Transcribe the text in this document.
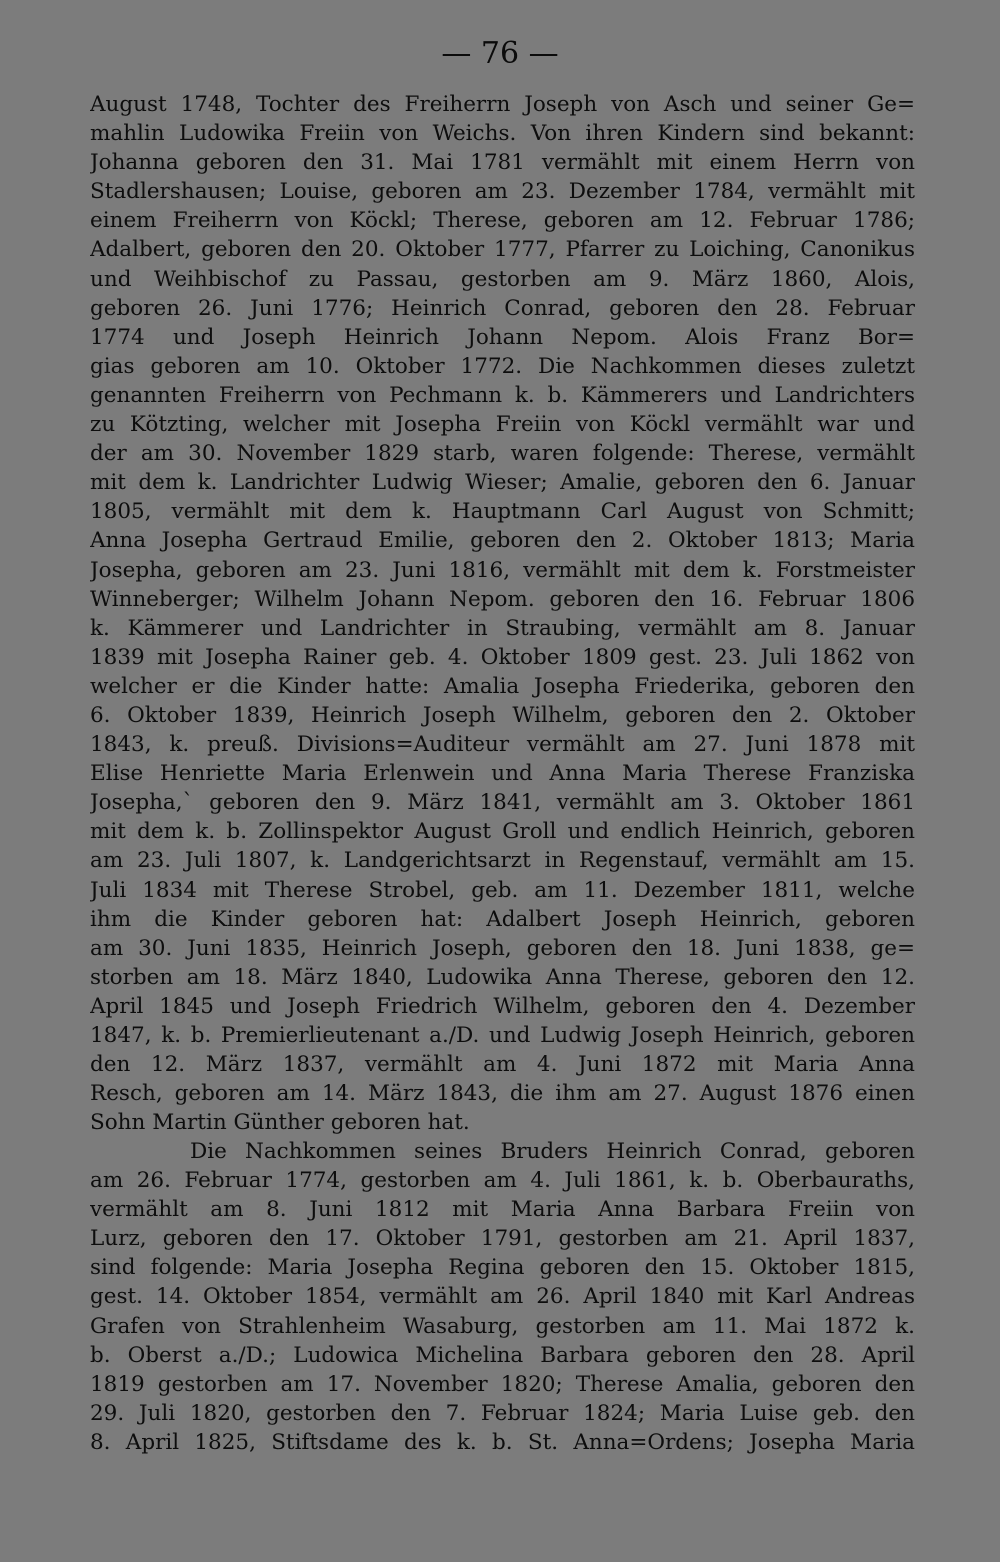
— 76 —
August 1748, Tochter des Freiherrn Joseph von Asch und seiner Ge=
mahlin Ludowika Freiin von Weichs. Von ihren Kindern sind bekannt:
Johanna geboren den 31. Mai 1781 vermählt mit einem Herrn von
Stadlershausen; Louise, geboren am 23. Dezember 1784, vermählt mit
einem Freiherrn von Köckl; Therese, geboren am 12. Februar 1786;
Adalbert, geboren den 20. Oktober 1777, Pfarrer zu Loiching, Canonikus
und Weihbischof zu Passau, gestorben am 9. März 1860, Alois,
geboren 26. Juni 1776; Heinrich Conrad, geboren den 28. Februar
1774 und Joseph Heinrich Johann Nepom. Alois Franz Bor=
gias geboren am 10. Oktober 1772. Die Nachkommen dieses zuletzt
genannten Freiherrn von Pechmann k. b. Kämmerers und Landrichters
zu Kötzting, welcher mit Josepha Freiin von Köckl vermählt war und
der am 30. November 1829 starb, waren folgende: Therese, vermählt
mit dem k. Landrichter Ludwig Wieser; Amalie, geboren den 6. Januar
1805, vermählt mit dem k. Hauptmann Carl August von Schmitt;
Anna Josepha Gertraud Emilie, geboren den 2. Oktober 1813; Maria
Josepha, geboren am 23. Juni 1816, vermählt mit dem k. Forstmeister
Winneberger; Wilhelm Johann Nepom. geboren den 16. Februar 1806
k. Kämmerer und Landrichter in Straubing, vermählt am 8. Januar
1839 mit Josepha Rainer geb. 4. Oktober 1809 gest. 23. Juli 1862 von
welcher er die Kinder hatte: Amalia Josepha Friederika, geboren den
6. Oktober 1839, Heinrich Joseph Wilhelm, geboren den 2. Oktober
1843, k. preuß. Divisions=Auditeur vermählt am 27. Juni 1878 mit
Elise Henriette Maria Erlenwein und Anna Maria Therese Franziska
Josepha,` geboren den 9. März 1841, vermählt am 3. Oktober 1861
mit dem k. b. Zollinspektor August Groll und endlich Heinrich, geboren
am 23. Juli 1807, k. Landgerichtsarzt in Regenstauf, vermählt am 15.
Juli 1834 mit Therese Strobel, geb. am 11. Dezember 1811, welche
ihm die Kinder geboren hat: Adalbert Joseph Heinrich, geboren
am 30. Juni 1835, Heinrich Joseph, geboren den 18. Juni 1838, ge=
storben am 18. März 1840, Ludowika Anna Therese, geboren den 12.
April 1845 und Joseph Friedrich Wilhelm, geboren den 4. Dezember
1847, k. b. Premierlieutenant a./D. und Ludwig Joseph Heinrich, geboren
den 12. März 1837, vermählt am 4. Juni 1872 mit Maria Anna
Resch, geboren am 14. März 1843, die ihm am 27. August 1876 einen
Sohn Martin Günther geboren hat.
Die Nachkommen seines Bruders Heinrich Conrad, geboren
am 26. Februar 1774, gestorben am 4. Juli 1861, k. b. Oberbauraths,
vermählt am 8. Juni 1812 mit Maria Anna Barbara Freiin von
Lurz, geboren den 17. Oktober 1791, gestorben am 21. April 1837,
sind folgende: Maria Josepha Regina geboren den 15. Oktober 1815,
gest. 14. Oktober 1854, vermählt am 26. April 1840 mit Karl Andreas
Grafen von Strahlenheim Wasaburg, gestorben am 11. Mai 1872 k.
b. Oberst a./D.; Ludowica Michelina Barbara geboren den 28. April
1819 gestorben am 17. November 1820; Therese Amalia, geboren den
29. Juli 1820, gestorben den 7. Februar 1824; Maria Luise geb. den
8. April 1825, Stiftsdame des k. b. St. Anna=Ordens; Josepha Maria
